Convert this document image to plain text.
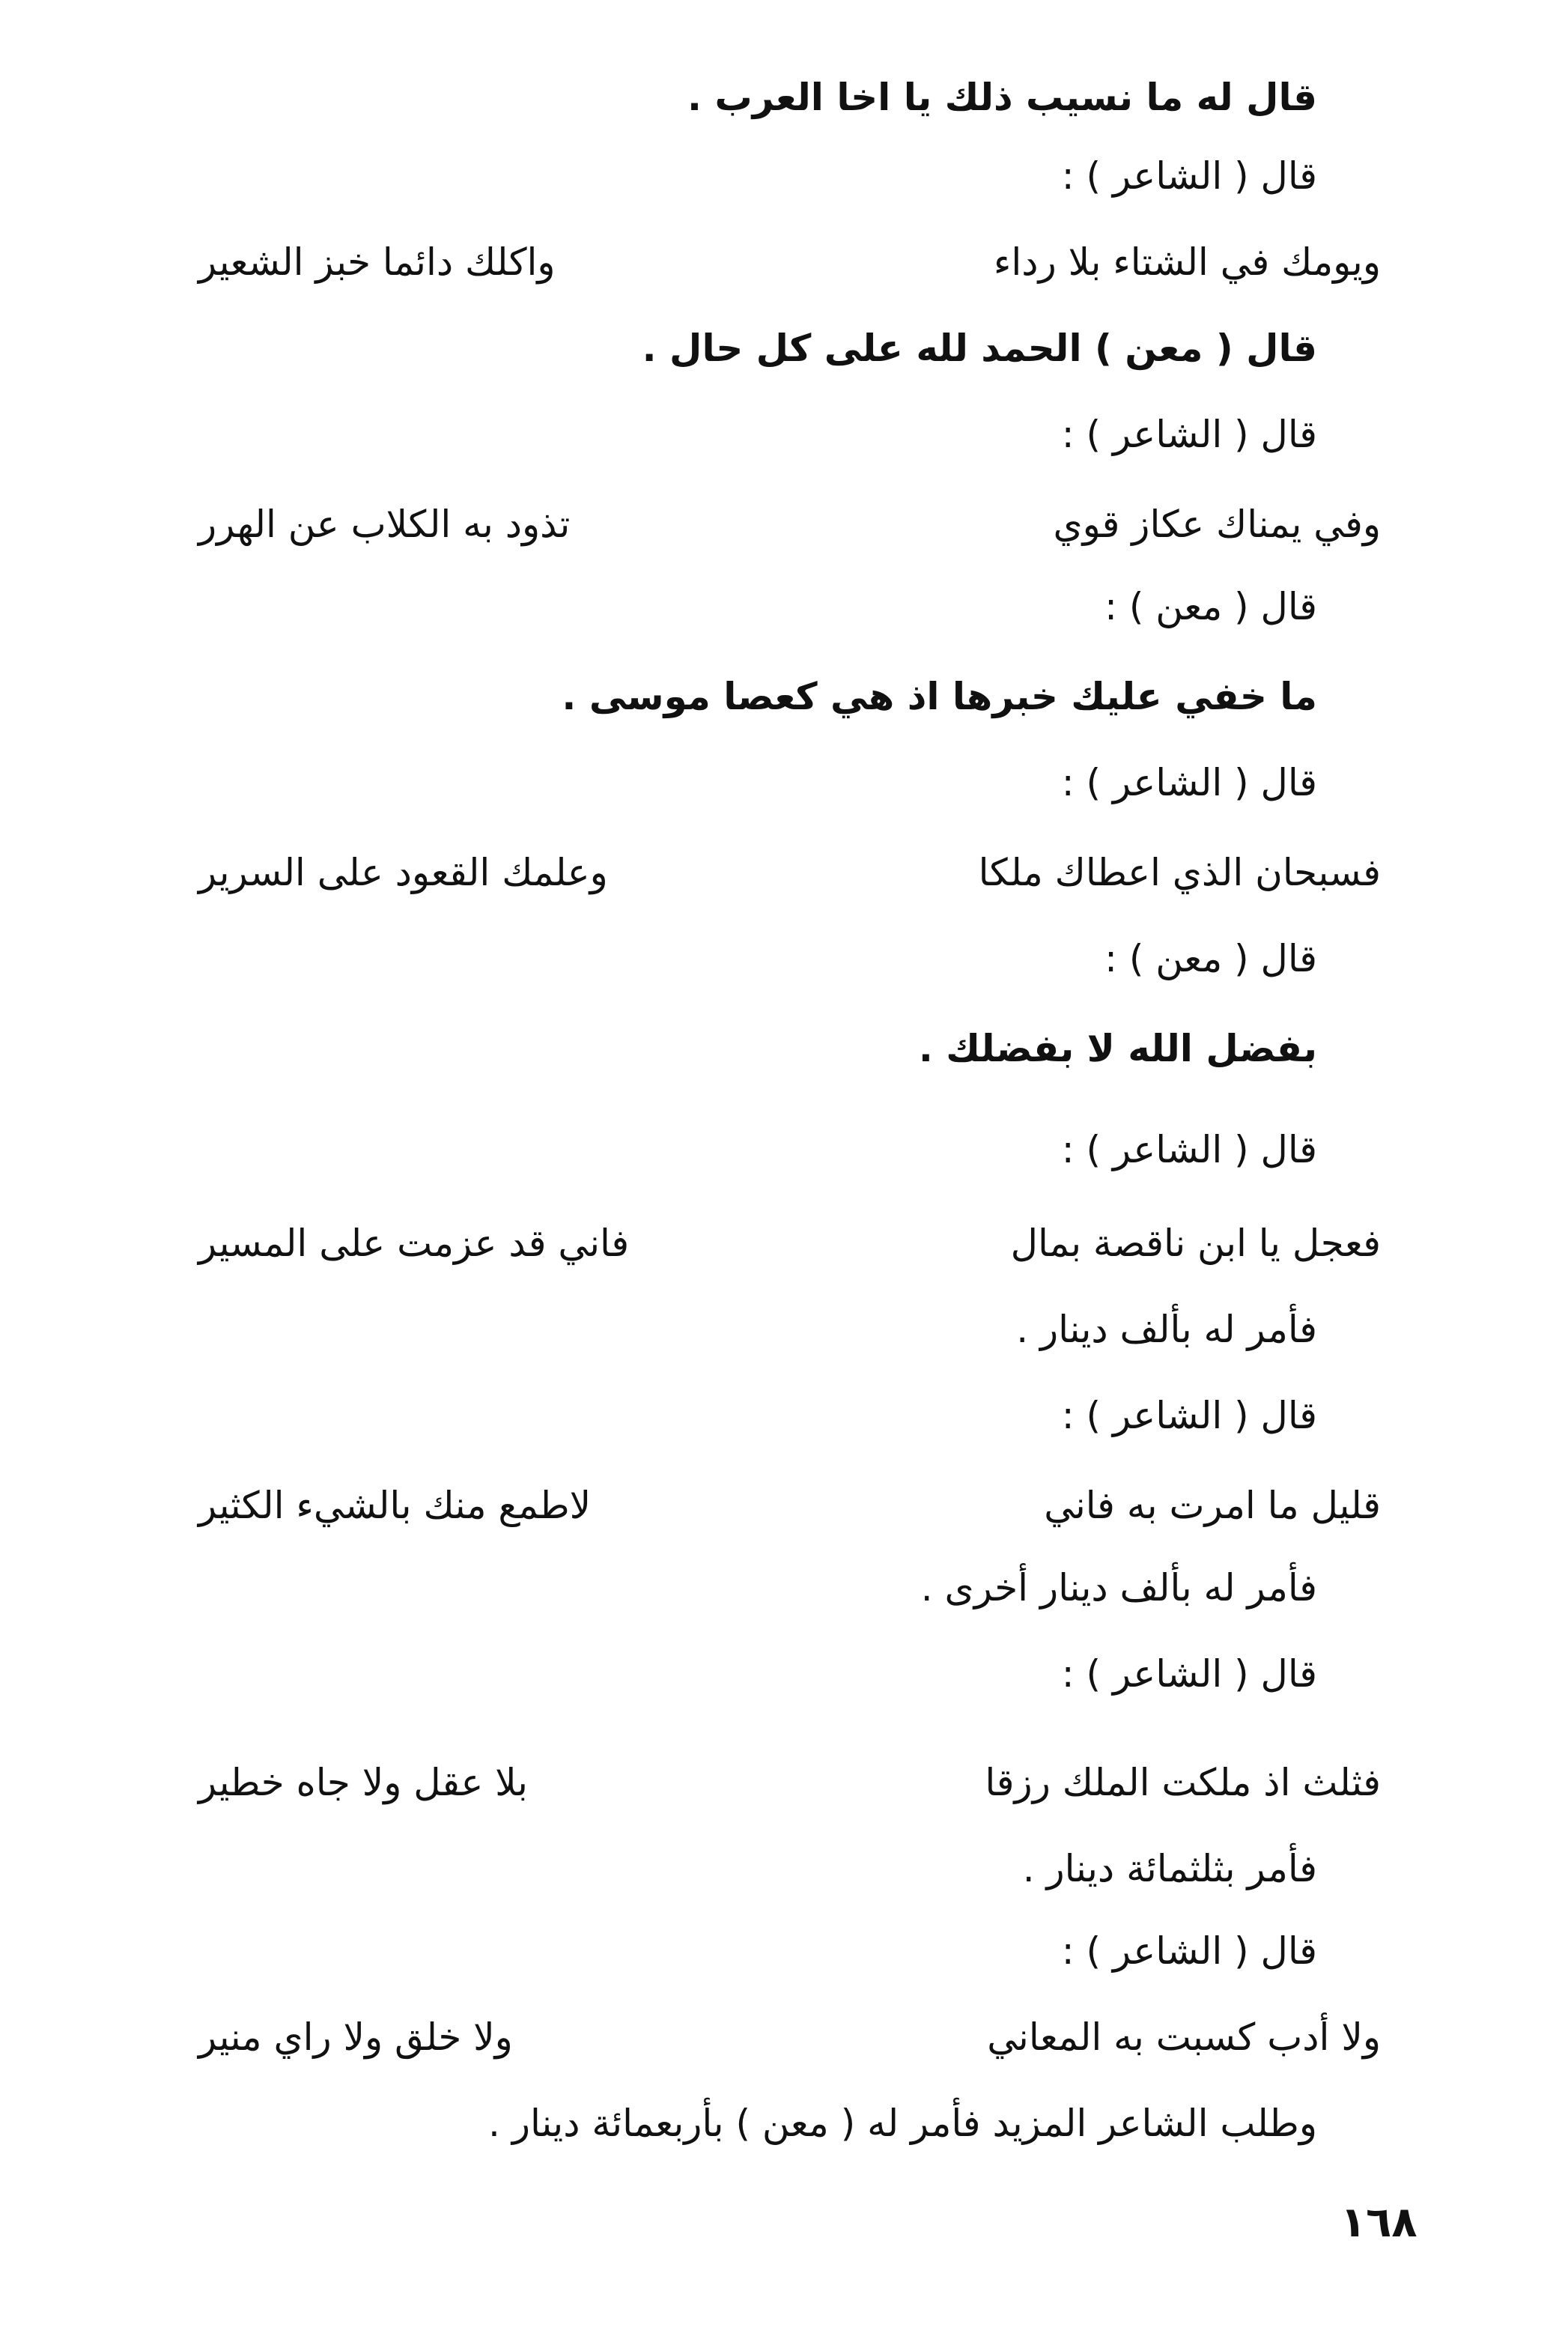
قال له ما نسيب ذلك يا اخا العرب .
قال ( الشاعر ) :
ويومك في الشتاء بلا رداء
واكلك دائما خبز الشعير
قال ( معن ) الحمد لله على كل حال .
قال ( الشاعر ) :
وفي يمناك عكاز قوي
تذود به الكلاب عن الهرر
قال ( معن ) :
ما خفي عليك خبرها اذ هي كعصا موسى .
قال ( الشاعر ) :
فسبحان الذي اعطاك ملكا
وعلمك القعود على السرير
قال ( معن ) :
بفضل الله لا بفضلك .
قال ( الشاعر ) :
فعجل يا ابن ناقصة بمال
فاني قد عزمت على المسير
فأمر له بألف دينار .
قال ( الشاعر ) :
قليل ما امرت به فاني
لاطمع منك بالشيء الكثير
فأمر له بألف دينار أخرى .
قال ( الشاعر ) :
فثلث اذ ملكت الملك رزقا
بلا عقل ولا جاه خطير
فأمر بثلثمائة دينار .
قال ( الشاعر ) :
ولا أدب كسبت به المعاني
ولا خلق ولا راي منير
وطلب الشاعر المزيد فأمر له ( معن ) بأربعمائة دينار .
١٦٨
